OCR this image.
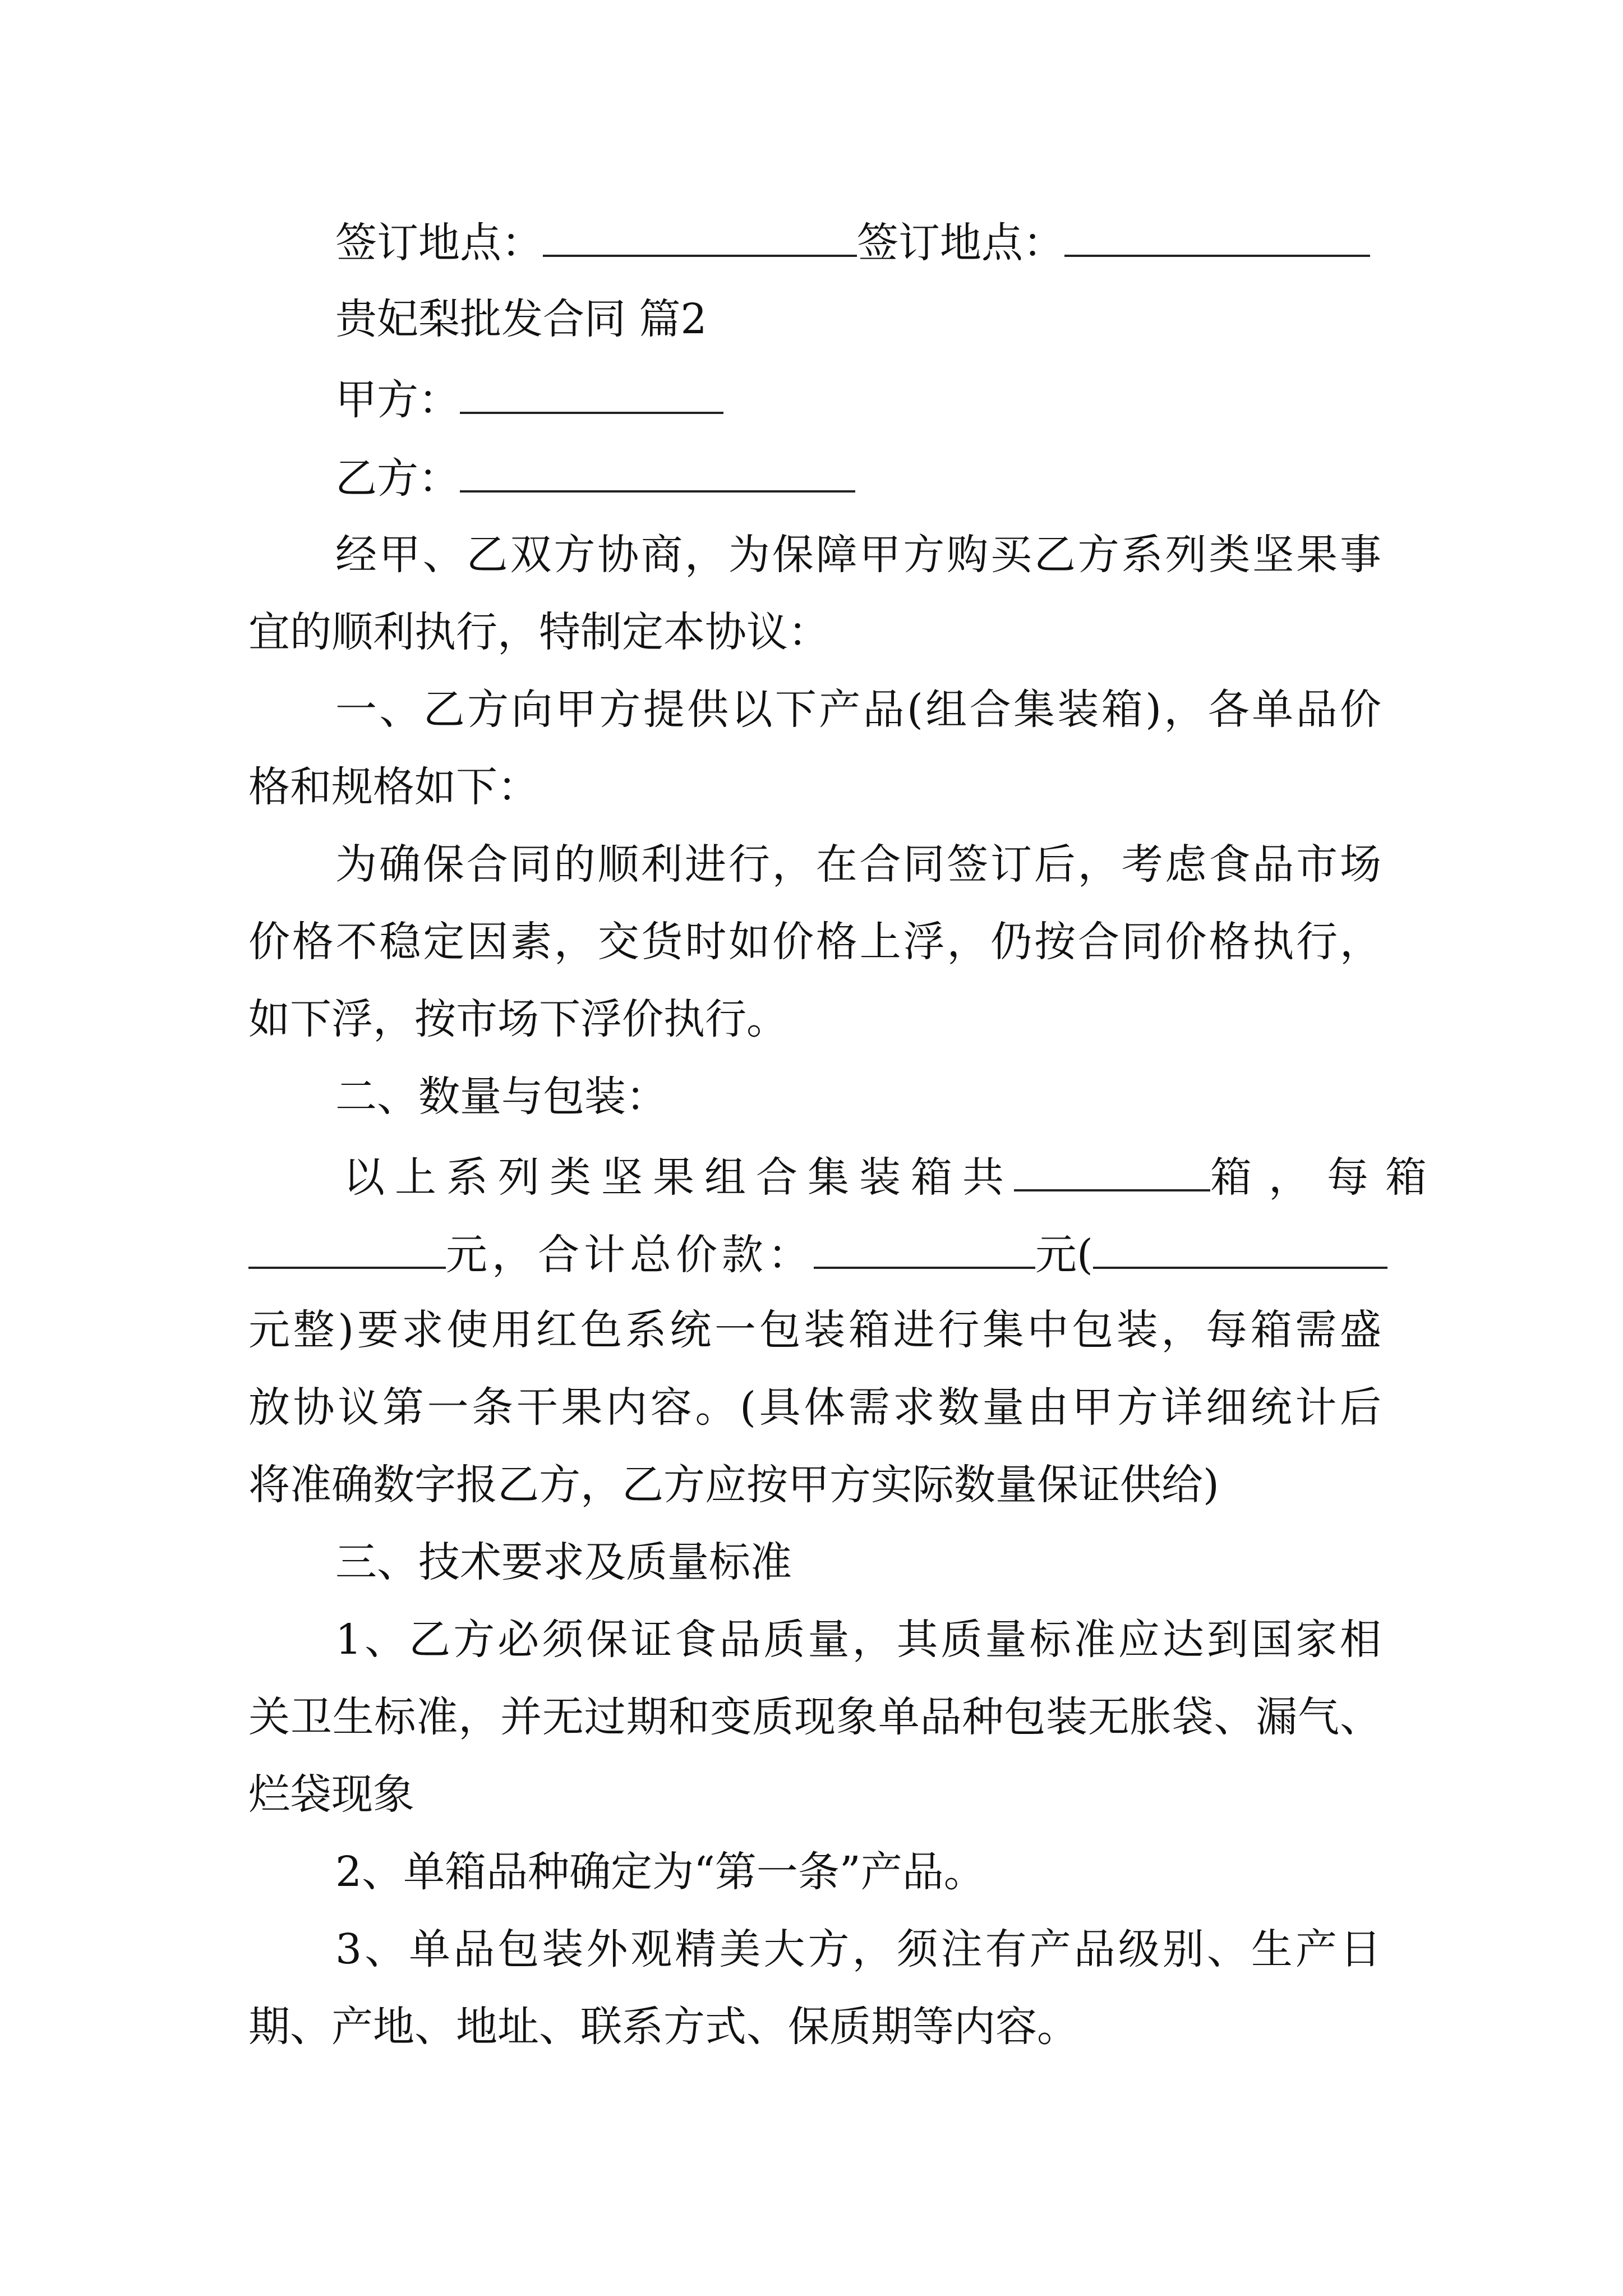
签订地点：	签订地点：
贵妃梨批发合同 篇2
甲方：
乙方：
经甲、乙双方协商，为保障甲方购买乙方系列类坚果事
宜的顺利执行，特制定本协议：
一、乙方向甲方提供以下产品(组合集装箱)，各单品价
格和规格如下：
为确保合同的顺利进行，在合同签订后，考虑食品市场
价格不稳定因素，交货时如价格上浮，仍按合同价格执行，
如下浮，按市场下浮价执行。
二、数量与包装：
以上系列类坚果组合集装箱共	箱，每箱
元，合计总价款：	元(
元整)要求使用红色系统一包装箱进行集中包装，每箱需盛
放协议第一条干果内容。(具体需求数量由甲方详细统计后
将准确数字报乙方，乙方应按甲方实际数量保证供给)
三、技术要求及质量标准
1、乙方必须保证食品质量，其质量标准应达到国家相
关卫生标准，并无过期和变质现象单品种包装无胀袋、漏气、
烂袋现象
2、单箱品种确定为“第一条”产品。
3、单品包装外观精美大方，须注有产品级别、生产日
期、产地、地址、联系方式、保质期等内容。
